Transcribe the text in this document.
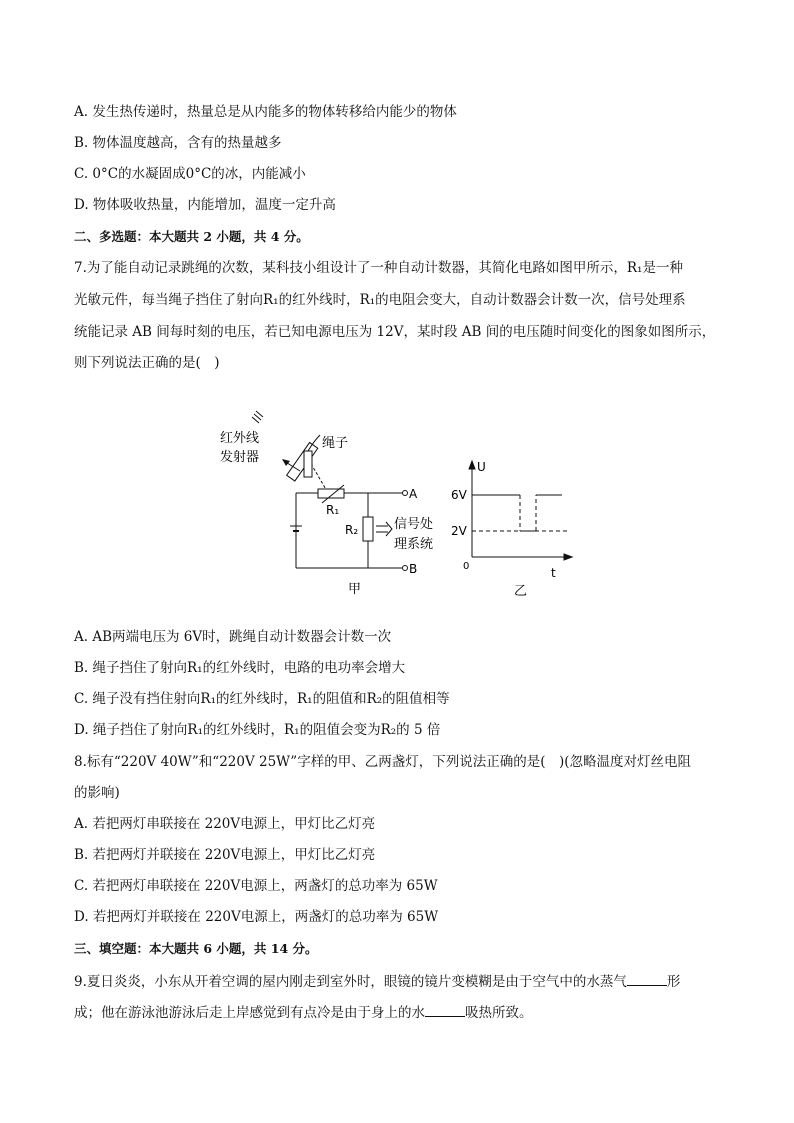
A. 发生热传递时，热量总是从内能多的物体转移给内能少的物体
B. 物体温度越高，含有的热量越多
C. 0°C的水凝固成0°C的冰，内能减小
D. 物体吸收热量，内能增加，温度一定升高
二、多选题：本大题共 2 小题，共 4 分。
7.为了能自动记录跳绳的次数，某科技小组设计了一种自动计数器，其简化电路如图甲所示，R₁是一种
光敏元件，每当绳子挡住了射向R₁的红外线时，R₁的电阻会变大，自动计数器会计数一次，信号处理系
统能记录 AB 间每时刻的电压，若已知电源电压为 12V，某时段 AB 间的电压随时间变化的图象如图所示，
则下列说法正确的是(　)
红外线
发射器
绳子
R₁
R₂
A
B
信号处
理系统
甲
U
t
0
6V
2V
乙
A. AB两端电压为 6V时，跳绳自动计数器会计数一次
B. 绳子挡住了射向R₁的红外线时，电路的电功率会增大
C. 绳子没有挡住射向R₁的红外线时，R₁的阻值和R₂的阻值相等
D. 绳子挡住了射向R₁的红外线时，R₁的阻值会变为R₂的 5 倍
8.标有“220V 40W”和“220V 25W”字样的甲、乙两盏灯，下列说法正确的是(　)(忽略温度对灯丝电阻
的影响)
A. 若把两灯串联接在 220V电源上，甲灯比乙灯亮
B. 若把两灯并联接在 220V电源上，甲灯比乙灯亮
C. 若把两灯串联接在 220V电源上，两盏灯的总功率为 65W
D. 若把两灯并联接在 220V电源上，两盏灯的总功率为 65W
三、填空题：本大题共 6 小题，共 14 分。
9.夏日炎炎，小东从开着空调的屋内刚走到室外时，眼镜的镜片变模糊是由于空气中的水蒸气	形
成；他在游泳池游泳后走上岸感觉到有点冷是由于身上的水	吸热所致。
